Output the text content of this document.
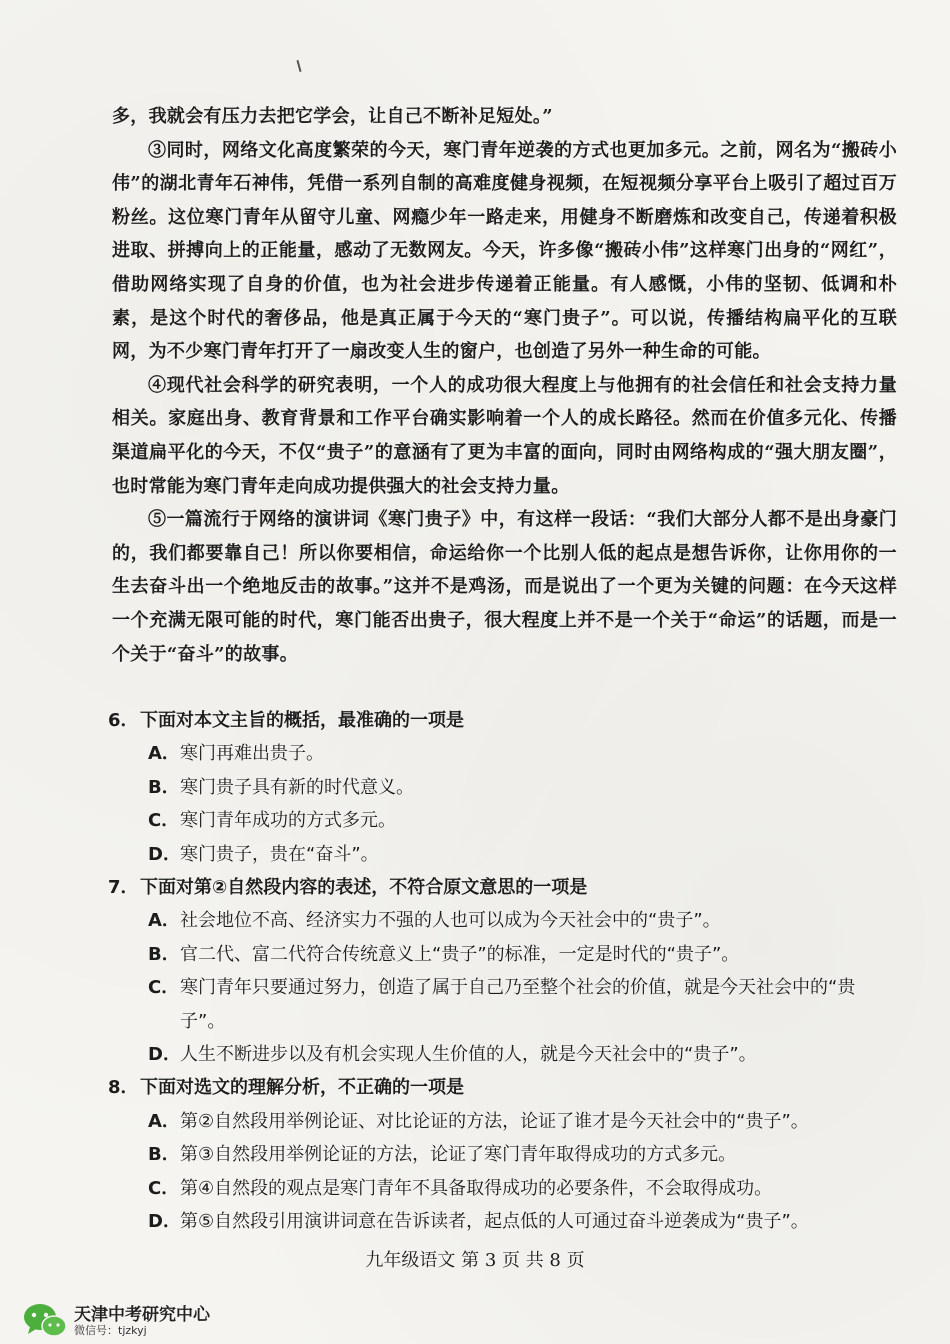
多，我就会有压力去把它学会，让自己不断补足短处。”

③同时，网络文化高度繁荣的今天，寒门青年逆袭的方式也更加多元。之前，网名为“搬砖小伟”的湖北青年石神伟，凭借一系列自制的高难度健身视频，在短视频分享平台上吸引了超过百万粉丝。这位寒门青年从留守儿童、网瘾少年一路走来，用健身不断磨炼和改变自己，传递着积极进取、拼搏向上的正能量，感动了无数网友。今天，许多像“搬砖小伟”这样寒门出身的“网红”，借助网络实现了自身的价值，也为社会进步传递着正能量。有人感慨，小伟的坚韧、低调和朴素，是这个时代的奢侈品，他是真正属于今天的“寒门贵子”。可以说，传播结构扁平化的互联网，为不少寒门青年打开了一扇改变人生的窗户，也创造了另外一种生命的可能。

④现代社会科学的研究表明，一个人的成功很大程度上与他拥有的社会信任和社会支持力量相关。家庭出身、教育背景和工作平台确实影响着一个人的成长路径。然而在价值多元化、传播渠道扁平化的今天，不仅“贵子”的意涵有了更为丰富的面向，同时由网络构成的“强大朋友圈”，也时常能为寒门青年走向成功提供强大的社会支持力量。

⑤一篇流行于网络的演讲词《寒门贵子》中，有这样一段话：“我们大部分人都不是出身豪门的，我们都要靠自己！所以你要相信，命运给你一个比别人低的起点是想告诉你，让你用你的一生去奋斗出一个绝地反击的故事。”这并不是鸡汤，而是说出了一个更为关键的问题：在今天这样一个充满无限可能的时代，寒门能否出贵子，很大程度上并不是一个关于“命运”的话题，而是一个关于“奋斗”的故事。

6．下面对本文主旨的概括，最准确的一项是
A．寒门再难出贵子。
B．寒门贵子具有新的时代意义。
C．寒门青年成功的方式多元。
D．寒门贵子，贵在“奋斗”。
7．下面对第②自然段内容的表述，不符合原文意思的一项是
A．社会地位不高、经济实力不强的人也可以成为今天社会中的“贵子”。
B．官二代、富二代符合传统意义上“贵子”的标准，一定是时代的“贵子”。
C． 寒门青年只要通过努力，创造了属于自己乃至整个社会的价值，就是今天社会中的“贵子”。
D．人生不断进步以及有机会实现人生价值的人，就是今天社会中的“贵子”。
8．下面对选文的理解分析，不正确的一项是
A．第②自然段用举例论证、对比论证的方法，论证了谁才是今天社会中的“贵子”。
B．第③自然段用举例论证的方法，论证了寒门青年取得成功的方式多元。
C．第④自然段的观点是寒门青年不具备取得成功的必要条件，不会取得成功。
D．第⑤自然段引用演讲词意在告诉读者，起点低的人可通过奋斗逆袭成为“贵子”。
九年级语文 第 3 页 共 8 页
天津中考研究中心
微信号：tjzkyj
